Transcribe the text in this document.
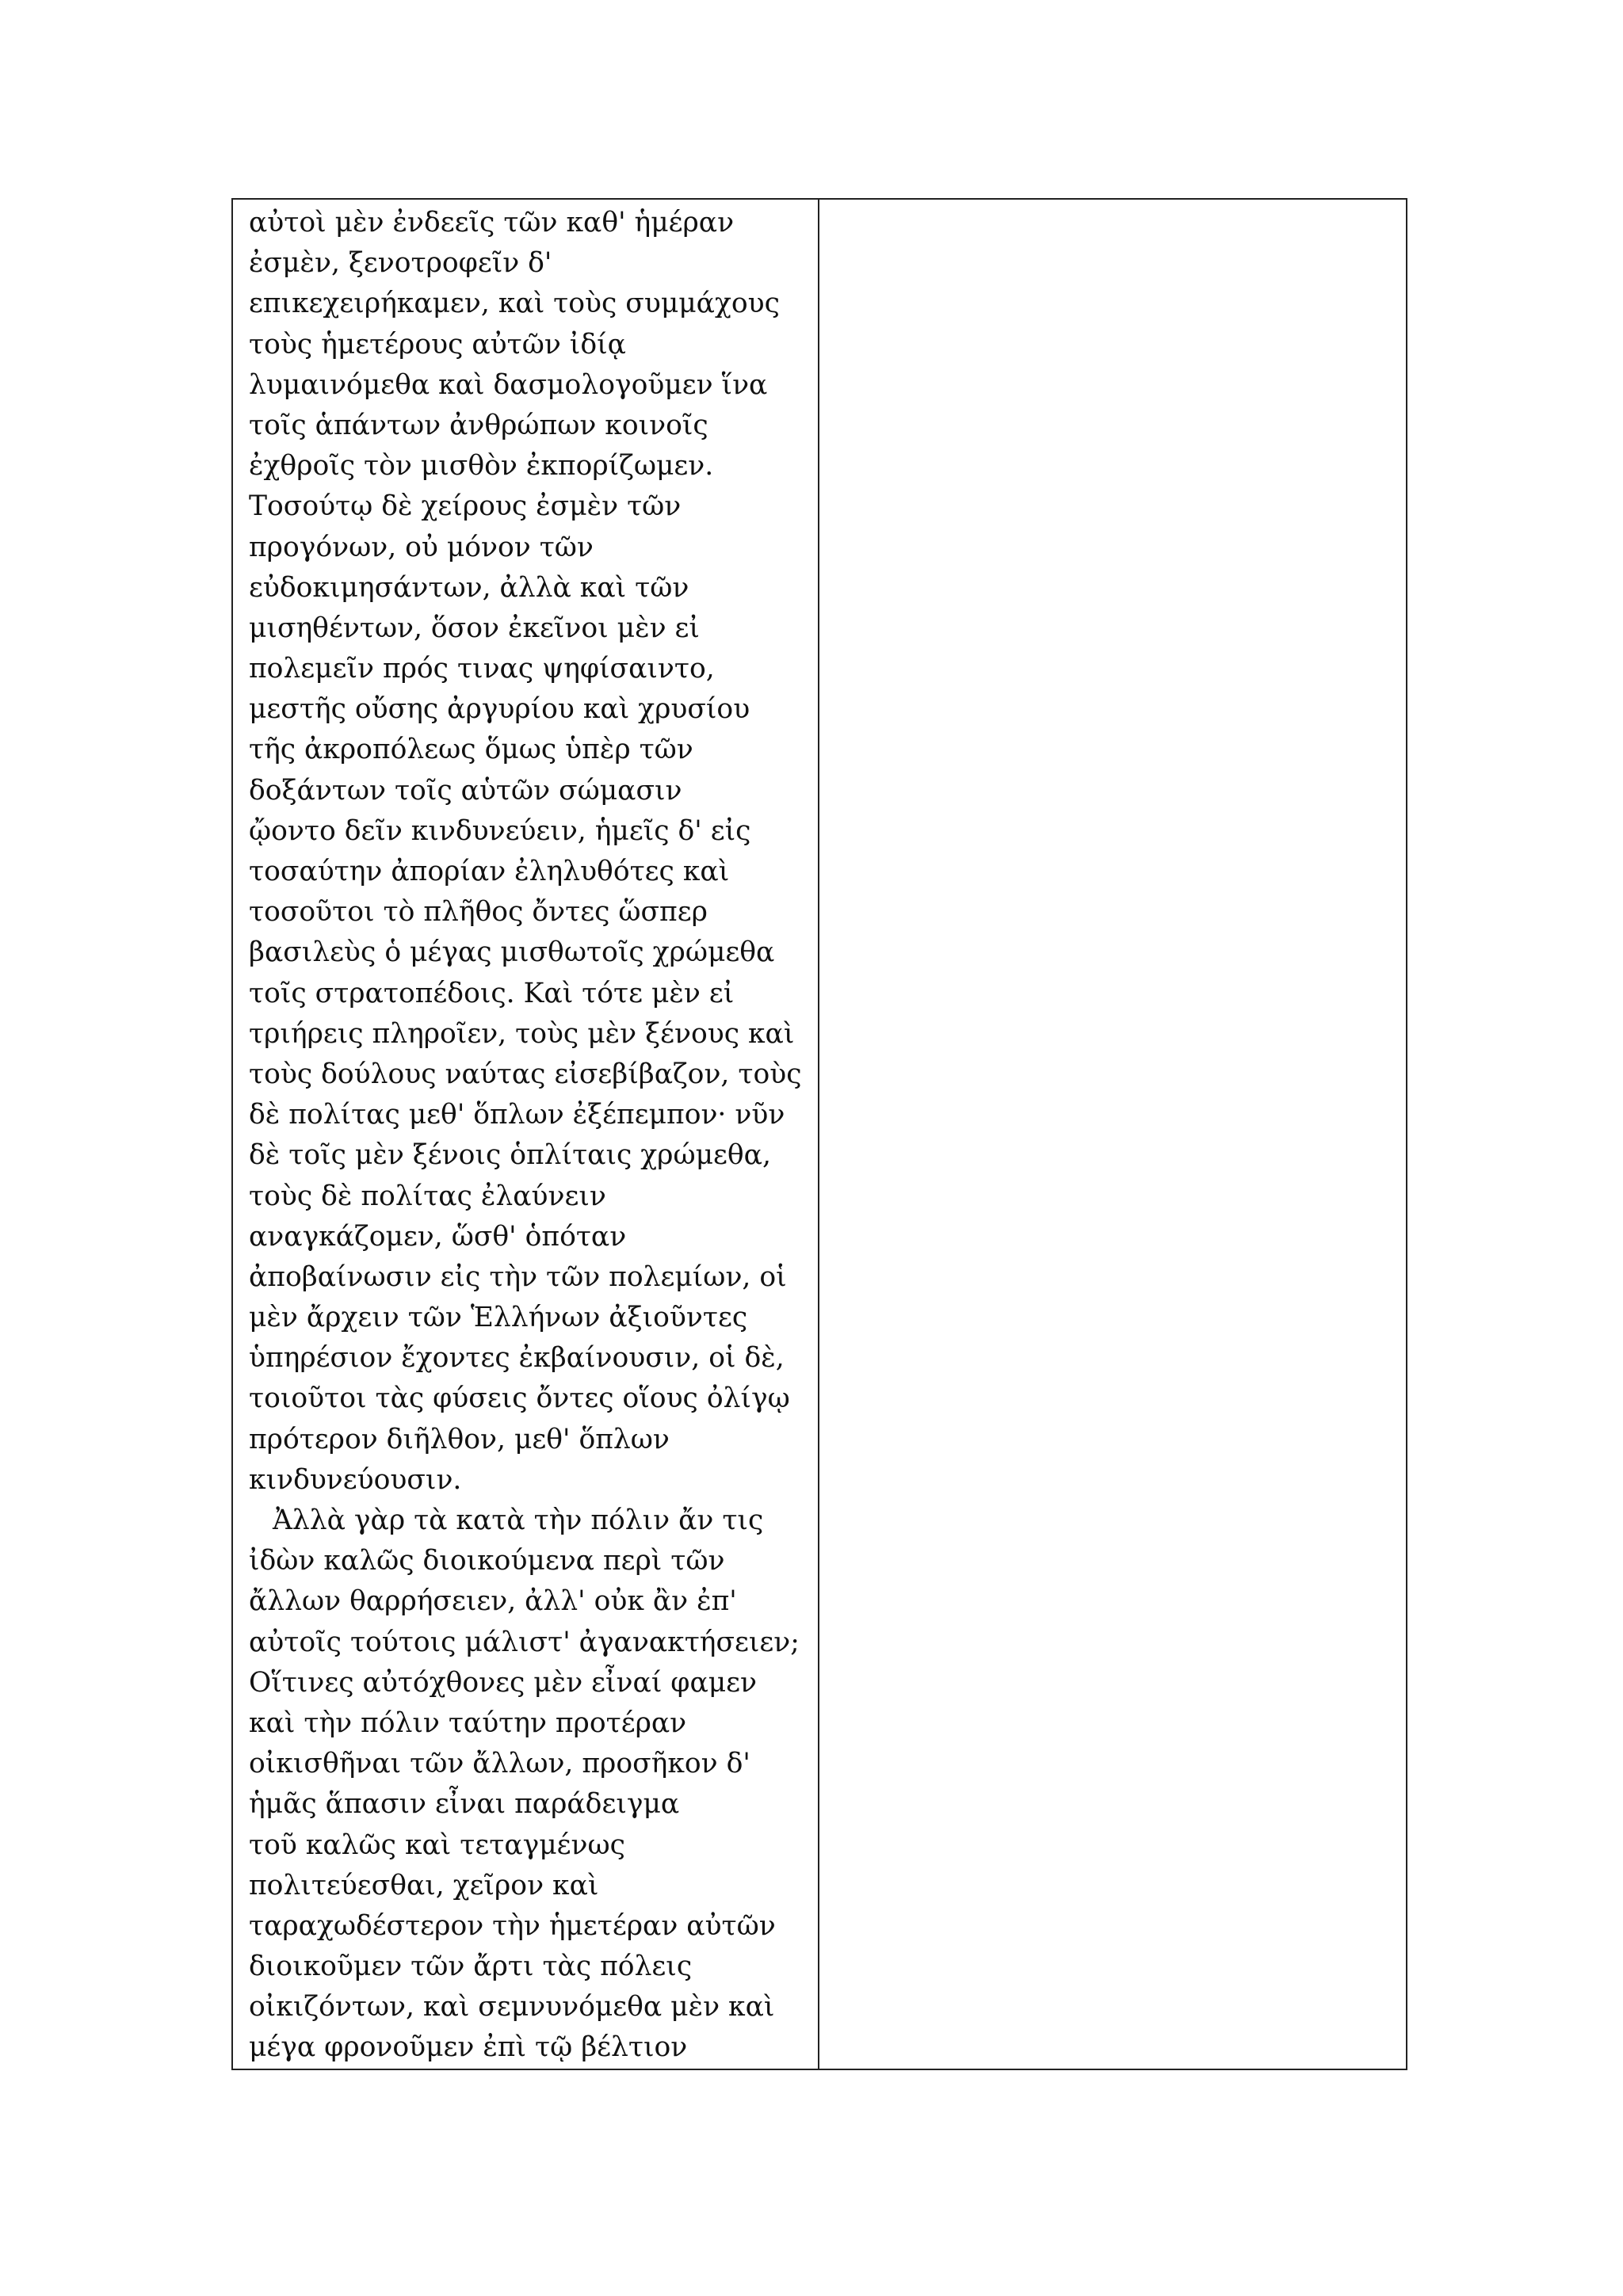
αὐτοὶ μὲν ἐνδεεῖς τῶν καθ' ἡμέραν
ἐσμὲν, ξενοτροφεῖν δ'
επικεχειρήκαμεν, καὶ τοὺς συμμάχους
τοὺς ἡμετέρους αὐτῶν ἰδίᾳ
λυμαινόμεθα καὶ δασμολογοῦμεν ἵνα
τοῖς ἁπάντων ἀνθρώπων κοινοῖς
ἐχθροῖς τὸν μισθὸν ἐκπορίζωμεν.
Τοσούτῳ δὲ χείρους ἐσμὲν τῶν
προγόνων, οὐ μόνον τῶν
εὐδοκιμησάντων, ἀλλὰ καὶ τῶν
μισηθέντων, ὅσον ἐκεῖνοι μὲν εἰ
πολεμεῖν πρός τινας ψηφίσαιντο,
μεστῆς οὔσης ἀργυρίου καὶ χρυσίου
τῆς ἀκροπόλεως ὅμως ὑπὲρ τῶν
δοξάντων τοῖς αὑτῶν σώμασιν
ᾤοντο δεῖν κινδυνεύειν, ἡμεῖς δ' εἰς
τοσαύτην ἀπορίαν ἐληλυθότες καὶ
τοσοῦτοι τὸ πλῆθος ὄντες ὥσπερ
βασιλεὺς ὁ μέγας μισθωτοῖς χρώμεθα
τοῖς στρατοπέδοις. Καὶ τότε μὲν εἰ
τριήρεις πληροῖεν, τοὺς μὲν ξένους καὶ
τοὺς δούλους ναύτας εἰσεβίβαζον, τοὺς
δὲ πολίτας μεθ' ὅπλων ἐξέπεμπον· νῦν
δὲ τοῖς μὲν ξένοις ὁπλίταις χρώμεθα,
τοὺς δὲ πολίτας ἐλαύνειν
αναγκάζομεν, ὥσθ' ὁπόταν
ἀποβαίνωσιν εἰς τὴν τῶν πολεμίων, οἱ
μὲν ἄρχειν τῶν Ἑλλήνων ἀξιοῦντες
ὑπηρέσιον ἔχοντες ἐκβαίνουσιν, οἱ δὲ,
τοιοῦτοι τὰς φύσεις ὄντες οἵους ὀλίγῳ
πρότερον διῆλθον, μεθ' ὅπλων
κινδυνεύουσιν.
Ἀλλὰ γὰρ τὰ κατὰ τὴν πόλιν ἄν τις
ἰδὼν καλῶς διοικούμενα περὶ τῶν
ἄλλων θαρρήσειεν, ἀλλ' οὐκ ἂν ἐπ'
αὐτοῖς τούτοις μάλιστ' ἀγανακτήσειεν;
Οἵτινες αὐτόχθονες μὲν εἶναί φαμεν
καὶ τὴν πόλιν ταύτην προτέραν
οἰκισθῆναι τῶν ἄλλων, προσῆκον δ'
ἡμᾶς ἅπασιν εἶναι παράδειγμα
τοῦ καλῶς καὶ τεταγμένως
πολιτεύεσθαι, χεῖρον καὶ
ταραχωδέστερον τὴν ἡμετέραν αὐτῶν
διοικοῦμεν τῶν ἄρτι τὰς πόλεις
οἰκιζόντων, καὶ σεμνυνόμεθα μὲν καὶ
μέγα φρονοῦμεν ἐπὶ τῷ βέλτιον
